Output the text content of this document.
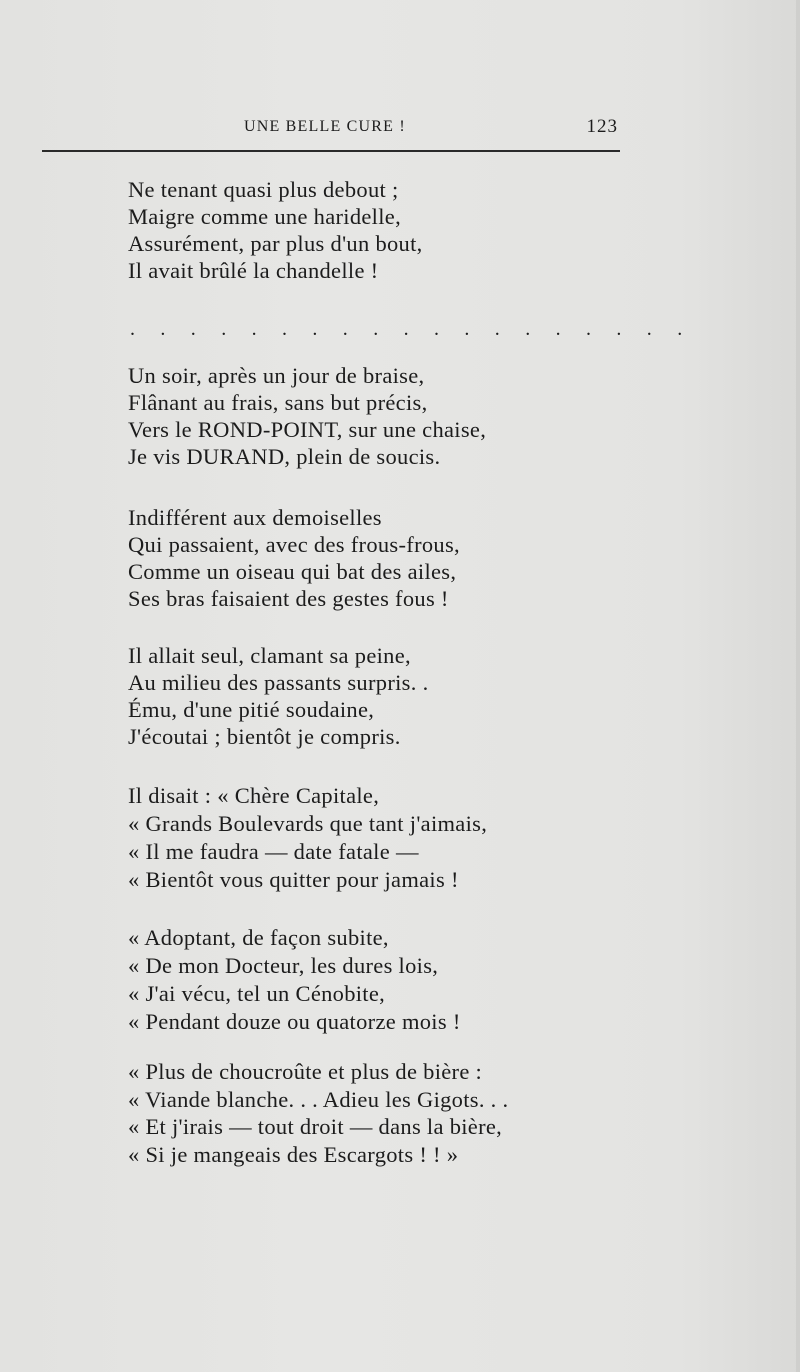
UNE BELLE CURE !	123
Ne tenant quasi plus debout ;
Maigre comme une haridelle,
Assurément, par plus d'un bout,
Il avait brûlé la chandelle !
. . . . . . . . . . . . . . . . . . .
Un soir, après un jour de braise,
Flânant au frais, sans but précis,
Vers le ROND-POINT, sur une chaise,
Je vis DURAND, plein de soucis.
Indifférent aux demoiselles
Qui passaient, avec des frous-frous,
Comme un oiseau qui bat des ailes,
Ses bras faisaient des gestes fous !
Il allait seul, clamant sa peine,
Au milieu des passants surpris. .
Ému, d'une pitié soudaine,
J'écoutai ; bientôt je compris.
Il disait : « Chère Capitale,
« Grands Boulevards que tant j'aimais,
« Il me faudra — date fatale —
« Bientôt vous quitter pour jamais !
« Adoptant, de façon subite,
« De mon Docteur, les dures lois,
« J'ai vécu, tel un Cénobite,
« Pendant douze ou quatorze mois !
« Plus de choucroûte et plus de bière :
« Viande blanche. . . Adieu les Gigots. . .
« Et j'irais — tout droit — dans la bière,
« Si je mangeais des Escargots ! ! »
